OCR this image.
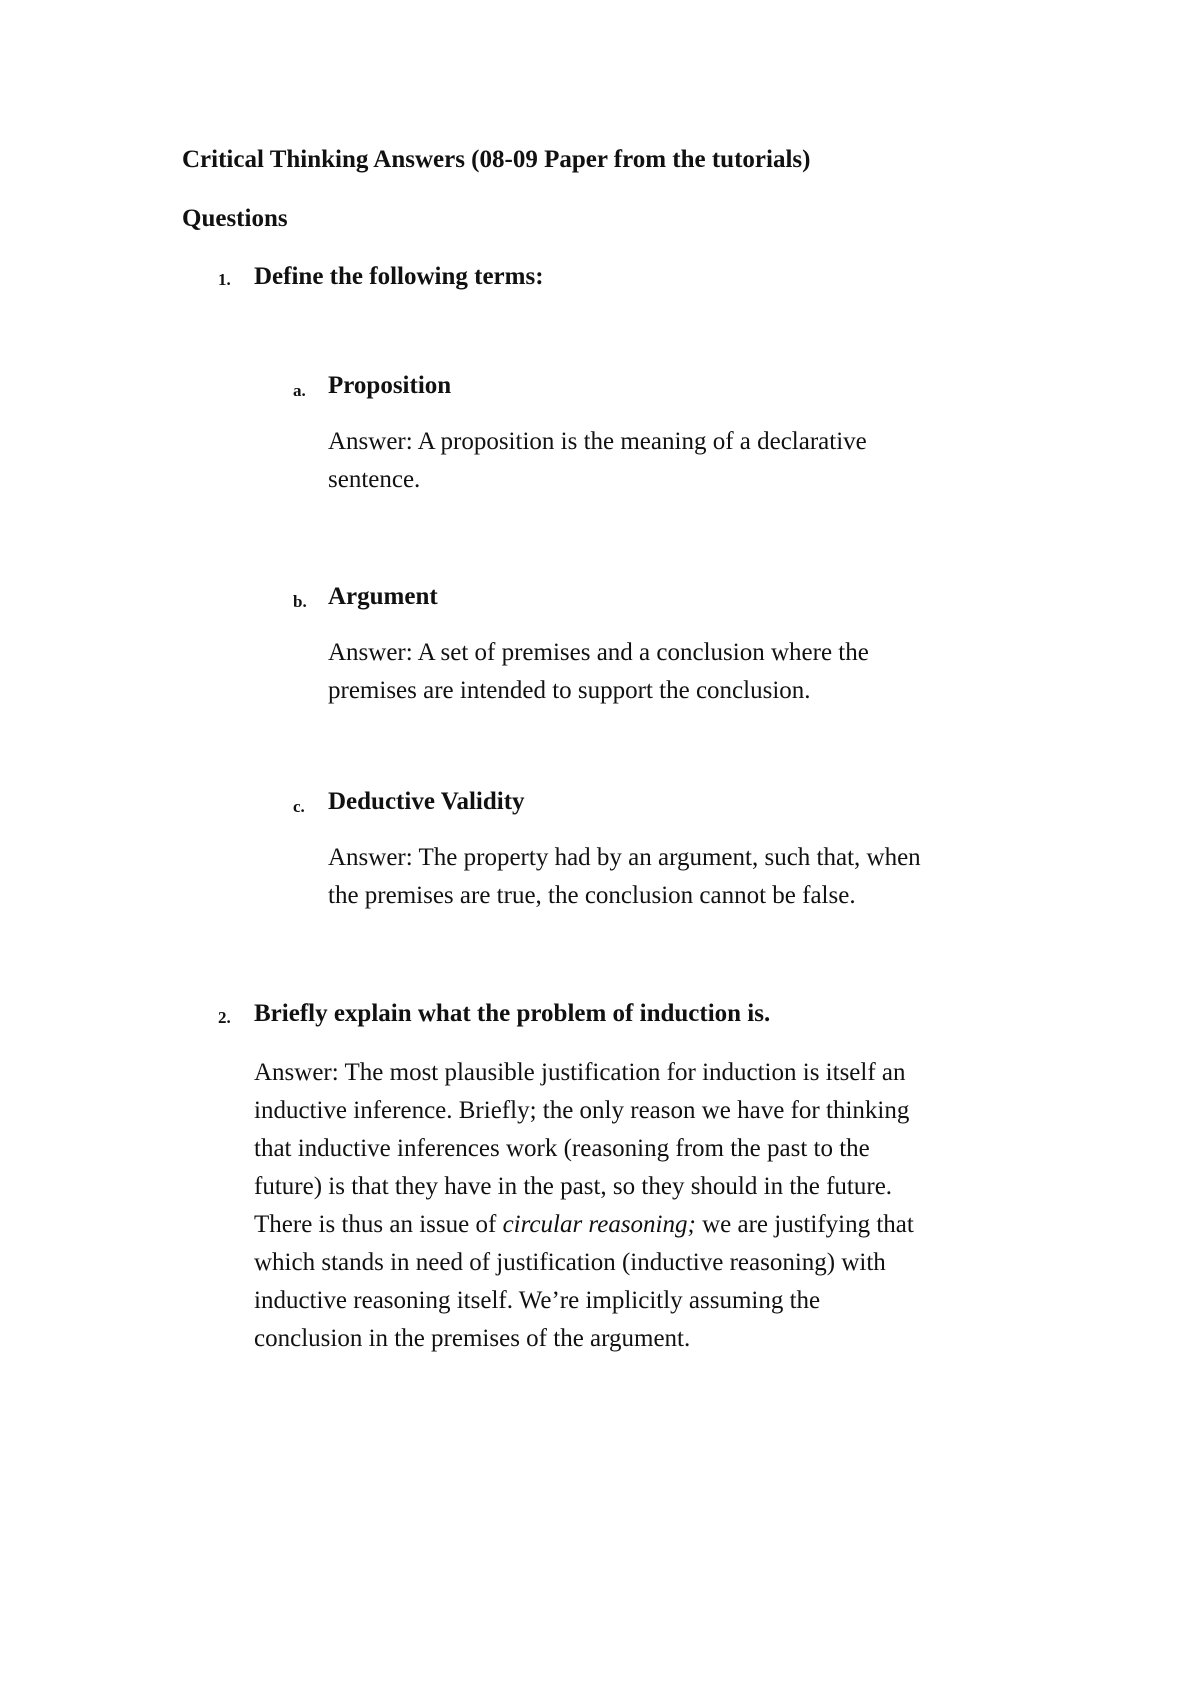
Critical Thinking Answers (08-09 Paper from the tutorials)
Questions
1. Define the following terms:
a. Proposition
Answer: A proposition is the meaning of a declarative
sentence.
b. Argument
Answer: A set of premises and a conclusion where the
premises are intended to support the conclusion.
c. Deductive Validity
Answer: The property had by an argument, such that, when
the premises are true, the conclusion cannot be false.
2. Briefly explain what the problem of induction is.
Answer: The most plausible justification for induction is itself an
inductive inference. Briefly; the only reason we have for thinking
that inductive inferences work (reasoning from the past to the
future) is that they have in the past, so they should in the future.
There is thus an issue of circular reasoning; we are justifying that
which stands in need of justification (inductive reasoning) with
inductive reasoning itself. We’re implicitly assuming the
conclusion in the premises of the argument.
